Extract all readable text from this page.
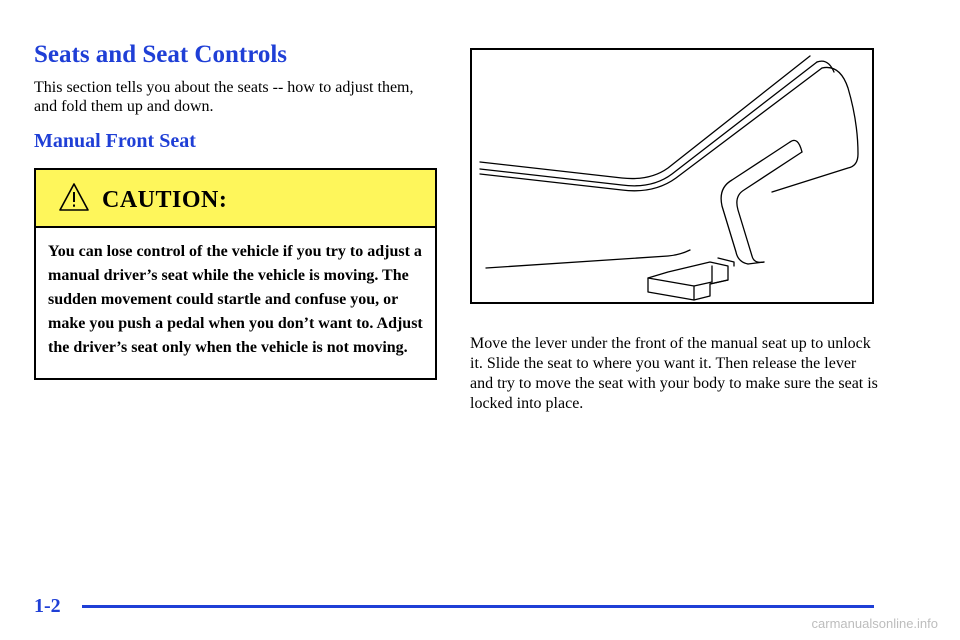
Seats and Seat Controls

This section tells you about the seats -- how to adjust them, and fold them up and down.

Manual Front Seat
CAUTION:

You can lose control of the vehicle if you try to adjust a manual driver’s seat while the vehicle is moving. The sudden movement could startle and confuse you, or make you push a pedal when you don’t want to. Adjust the driver’s seat only when the vehicle is not moving.	Move the lever under the front of the manual seat up to unlock it. Slide the seat to where you want it. Then release the lever and try to move the seat with your body to make sure the seat is locked into place.

1-2
carmanualsonline.info
